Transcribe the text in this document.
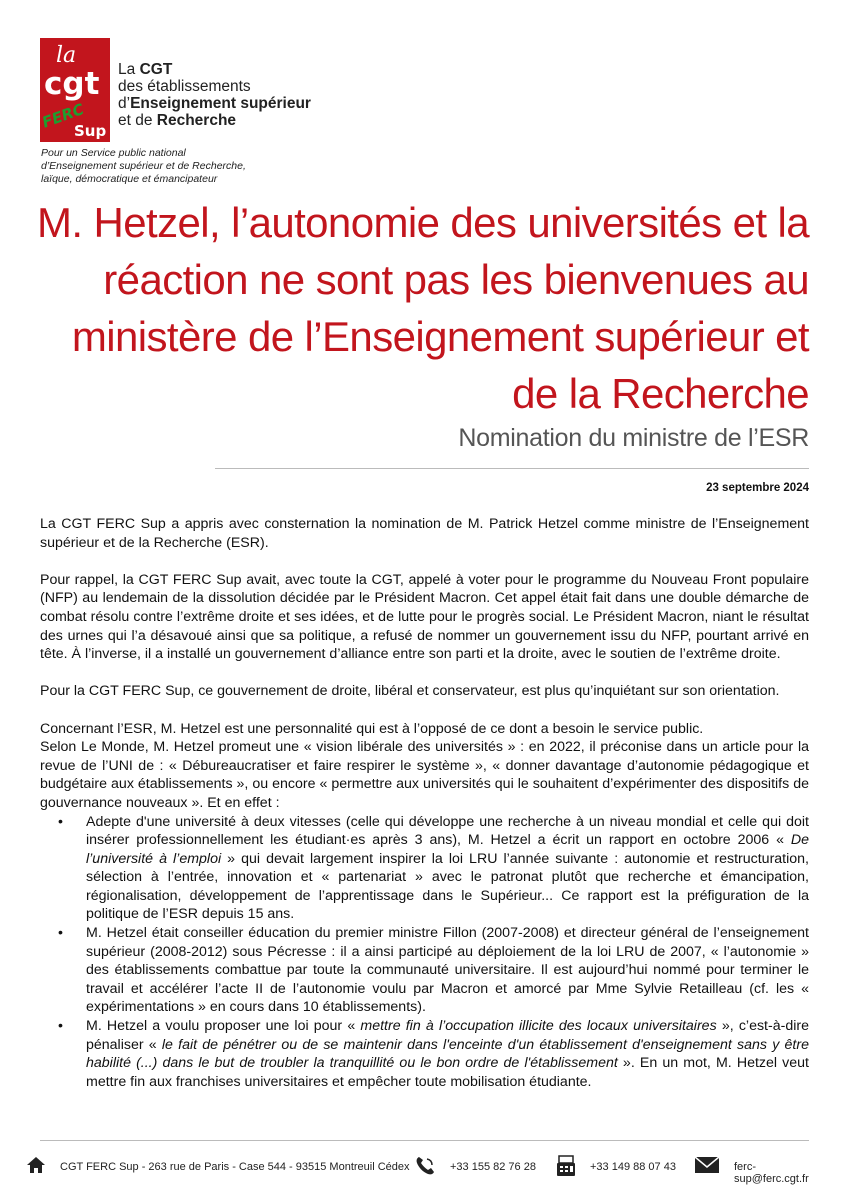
la
cgt
FERC
Sup
La CGT
des établissements
d’Enseignement supérieur
et de Recherche
Pour un Service public national
d’Enseignement supérieur et de Recherche,
laïque, démocratique et émancipateur
M. Hetzel, l’autonomie des universités et la
réaction ne sont pas les bienvenues au
ministère de l’Enseignement supérieur et
de la Recherche
Nomination du ministre de l’ESR
23 septembre 2024

La CGT FERC Sup a appris avec consternation la nomination de M. Patrick Hetzel comme ministre de l’Enseignement supérieur et de la Recherche (ESR).

Pour rappel, la CGT FERC Sup avait, avec toute la CGT, appelé à voter pour le programme du Nouveau Front populaire (NFP) au lendemain de la dissolution décidée par le Président Macron. Cet appel était fait dans une double démarche de combat résolu contre l’extrême droite et ses idées, et de lutte pour le progrès social. Le Président Macron, niant le résultat des urnes qui l’a désavoué ainsi que sa politique, a refusé de nommer un gouvernement issu du NFP, pourtant arrivé en tête. À l’inverse, il a installé un gouvernement d’alliance entre son parti et la droite, avec le soutien de l’extrême droite.

Pour la CGT FERC Sup, ce gouvernement de droite, libéral et conservateur, est plus qu’inquiétant sur son orientation.

Concernant l’ESR, M. Hetzel est une personnalité qui est à l’opposé de ce dont a besoin le service public.

Selon Le Monde, M. Hetzel promeut une « vision libérale des universités » : en 2022, il préconise dans un article pour la revue de l’UNI de : « Débureaucratiser et faire respirer le système », « donner davantage d’autonomie pédagogique et budgétaire aux établissements », ou encore « permettre aux universités qui le souhaitent d’expérimenter des dispositifs de gouvernance nouveaux ». Et en effet :

• Adepte d'une université à deux vitesses (celle qui développe une recherche à un niveau mondial et celle qui doit insérer professionnellement les étudiant·es après 3 ans), M. Hetzel a écrit un rapport en octobre 2006 « De l’université à l’emploi » qui devait largement inspirer la loi LRU l’année suivante : autonomie et restructuration, sélection à l’entrée, innovation et « partenariat » avec le patronat plutôt que recherche et émancipation, régionalisation, développement de l’apprentissage dans le Supérieur... Ce rapport est la préfiguration de la politique de l’ESR depuis 15 ans.
• M. Hetzel était conseiller éducation du premier ministre Fillon (2007-2008) et directeur général de l’enseignement supérieur (2008-2012) sous Pécresse : il a ainsi participé au déploiement de la loi LRU de 2007, « l’autonomie » des établissements combattue par toute la communauté universitaire. Il est aujourd’hui nommé pour terminer le travail et accélérer l’acte II de l’autonomie voulu par Macron et amorcé par Mme Sylvie Retailleau (cf. les « expérimentations » en cours dans 10 établissements).
• M. Hetzel a voulu proposer une loi pour « mettre fin à l’occupation illicite des locaux universitaires », c’est-à-dire pénaliser « le fait de pénétrer ou de se maintenir dans l'enceinte d'un établissement d'enseignement sans y être habilité (...) dans le but de troubler la tranquillité ou le bon ordre de l'établissement ». En un mot, M. Hetzel veut mettre fin aux franchises universitaires et empêcher toute mobilisation étudiante.
CGT FERC Sup - 263 rue de Paris - Case 544 - 93515 Montreuil Cédex	+33 155 82 76 28	+33 149 88 07 43	ferc-sup@ferc.cgt.fr
